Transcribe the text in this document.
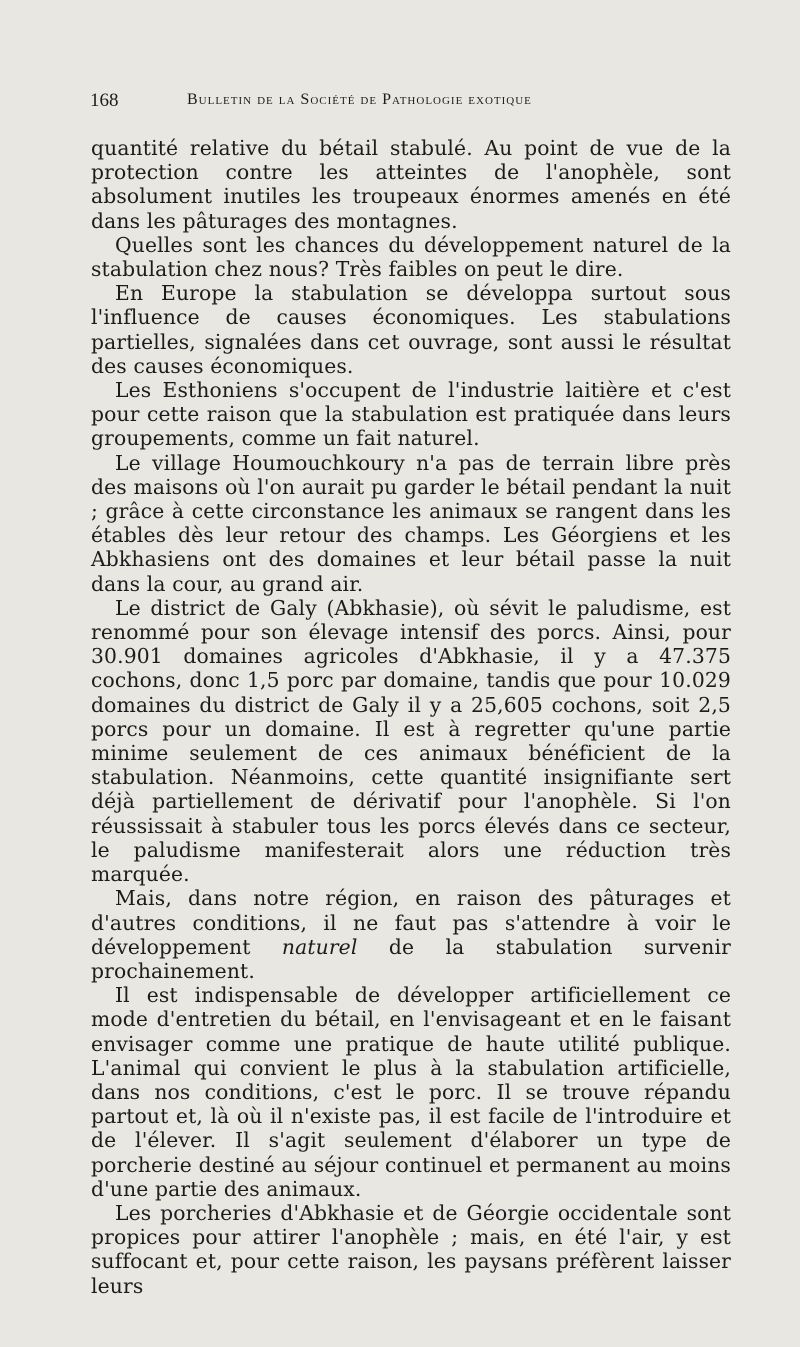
168	Bulletin de la Société de Pathologie exotique

quantité relative du bétail stabulé. Au point de vue de la protection contre les atteintes de l'anophèle, sont absolument inutiles les troupeaux énormes amenés en été dans les pâturages des montagnes.

Quelles sont les chances du développement naturel de la stabulation chez nous? Très faibles on peut le dire.

En Europe la stabulation se développa surtout sous l'influence de causes économiques. Les stabulations partielles, signalées dans cet ouvrage, sont aussi le résultat des causes économiques.

Les Esthoniens s'occupent de l'industrie laitière et c'est pour cette raison que la stabulation est pratiquée dans leurs groupements, comme un fait naturel.

Le village Houmouchkoury n'a pas de terrain libre près des maisons où l'on aurait pu garder le bétail pendant la nuit ; grâce à cette circonstance les animaux se rangent dans les étables dès leur retour des champs. Les Géorgiens et les Abkhasiens ont des domaines et leur bétail passe la nuit dans la cour, au grand air.

Le district de Galy (Abkhasie), où sévit le paludisme, est renommé pour son élevage intensif des porcs. Ainsi, pour 30.901 domaines agricoles d'Abkhasie, il y a 47.375 cochons, donc 1,5 porc par domaine, tandis que pour 10.029 domaines du district de Galy il y a 25,605 cochons, soit 2,5 porcs pour un domaine. Il est à regretter qu'une partie minime seulement de ces animaux bénéficient de la stabulation. Néanmoins, cette quantité insignifiante sert déjà partiellement de dérivatif pour l'anophèle. Si l'on réussissait à stabuler tous les porcs élevés dans ce secteur, le paludisme manifesterait alors une réduction très marquée.

Mais, dans notre région, en raison des pâturages et d'autres conditions, il ne faut pas s'attendre à voir le développement naturel de la stabulation survenir prochainement.

Il est indispensable de développer artificiellement ce mode d'entretien du bétail, en l'envisageant et en le faisant envisager comme une pratique de haute utilité publique. L'animal qui convient le plus à la stabulation artificielle, dans nos conditions, c'est le porc. Il se trouve répandu partout et, là où il n'existe pas, il est facile de l'introduire et de l'élever. Il s'agit seulement d'élaborer un type de porcherie destiné au séjour continuel et permanent au moins d'une partie des animaux.

Les porcheries d'Abkhasie et de Géorgie occidentale sont propices pour attirer l'anophèle ; mais, en été l'air, y est suffocant et, pour cette raison, les paysans préfèrent laisser leurs
